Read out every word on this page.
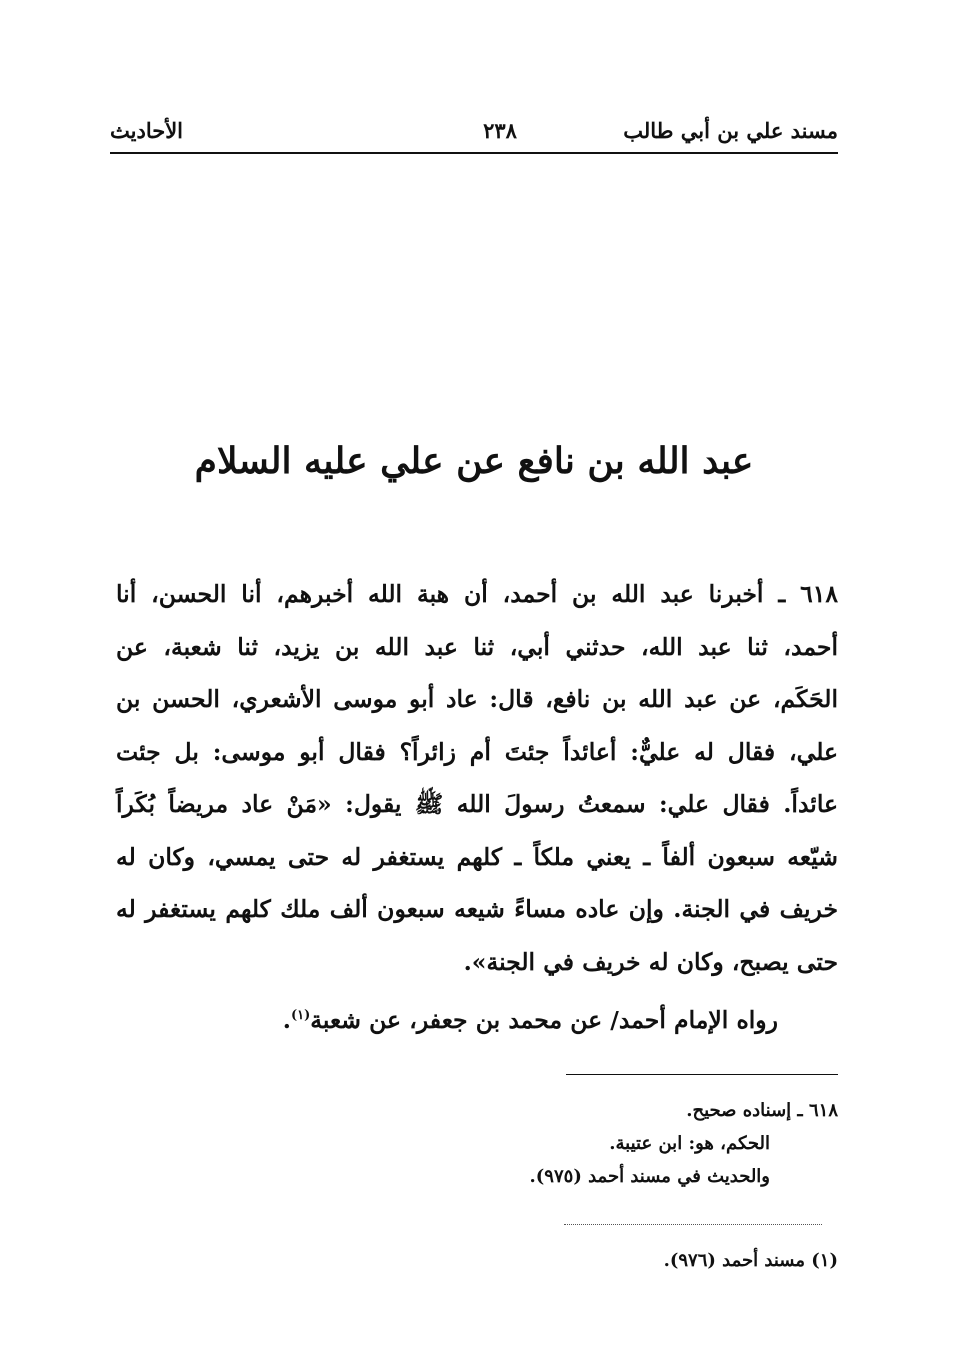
مسند علي بن أبي طالب
٢٣٨
الأحاديث
عبد الله بن نافع عن علي عليه السلام
٦١٨ ـ أخبرنا عبد الله بن أحمد، أن هبة الله أخبرهم، أنا الحسن، أنا
أحمد، ثنا عبد الله، حدثني أبي، ثنا عبد الله بن يزيد، ثنا شعبة، عن
الحَكَم، عن عبد الله بن نافع، قال: عاد أبو موسى الأشعري، الحسن بن
علي، فقال له عليٌّ: أعائداً جئتَ أم زائراً؟ فقال أبو موسى: بل جئت
عائداً. فقال علي: سمعتُ رسولَ الله ﷺ يقول: «مَنْ عاد مريضاً بُكَراً
شيّعه سبعون ألفاً ـ يعني ملكاً ـ كلهم يستغفر له حتى يمسي، وكان له
خريف في الجنة. وإن عاده مساءً شيعه سبعون ألف ملك كلهم يستغفر له
حتى يصبح، وكان له خريف في الجنة».
رواه الإمام أحمد/ عن محمد بن جعفر، عن شعبة$^{(١)}$.
٦١٨ ـ إسناده صحيح.
الحكم، هو: ابن عتيبة.
والحديث في مسند أحمد (٩٧٥).
(١) مسند أحمد (٩٧٦).
